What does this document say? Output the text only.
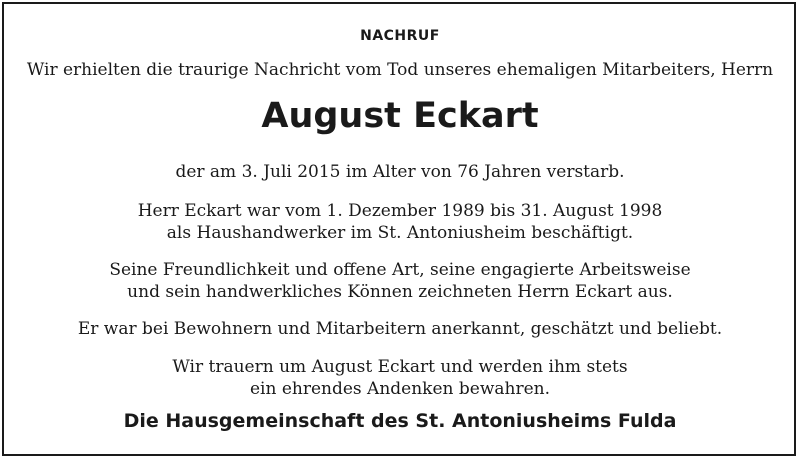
NACHRUF
Wir erhielten die traurige Nachricht vom Tod unseres ehemaligen Mitarbeiters, Herrn
August Eckart
der am 3. Juli 2015 im Alter von 76 Jahren verstarb.
Herr Eckart war vom 1. Dezember 1989 bis 31. August 1998
als Haushandwerker im St. Antoniusheim beschäftigt.
Seine Freundlichkeit und offene Art, seine engagierte Arbeitsweise
und sein handwerkliches Können zeichneten Herrn Eckart aus.
Er war bei Bewohnern und Mitarbeitern anerkannt, geschätzt und beliebt.
Wir trauern um August Eckart und werden ihm stets
ein ehrendes Andenken bewahren.
Die Hausgemeinschaft des St. Antoniusheims Fulda
